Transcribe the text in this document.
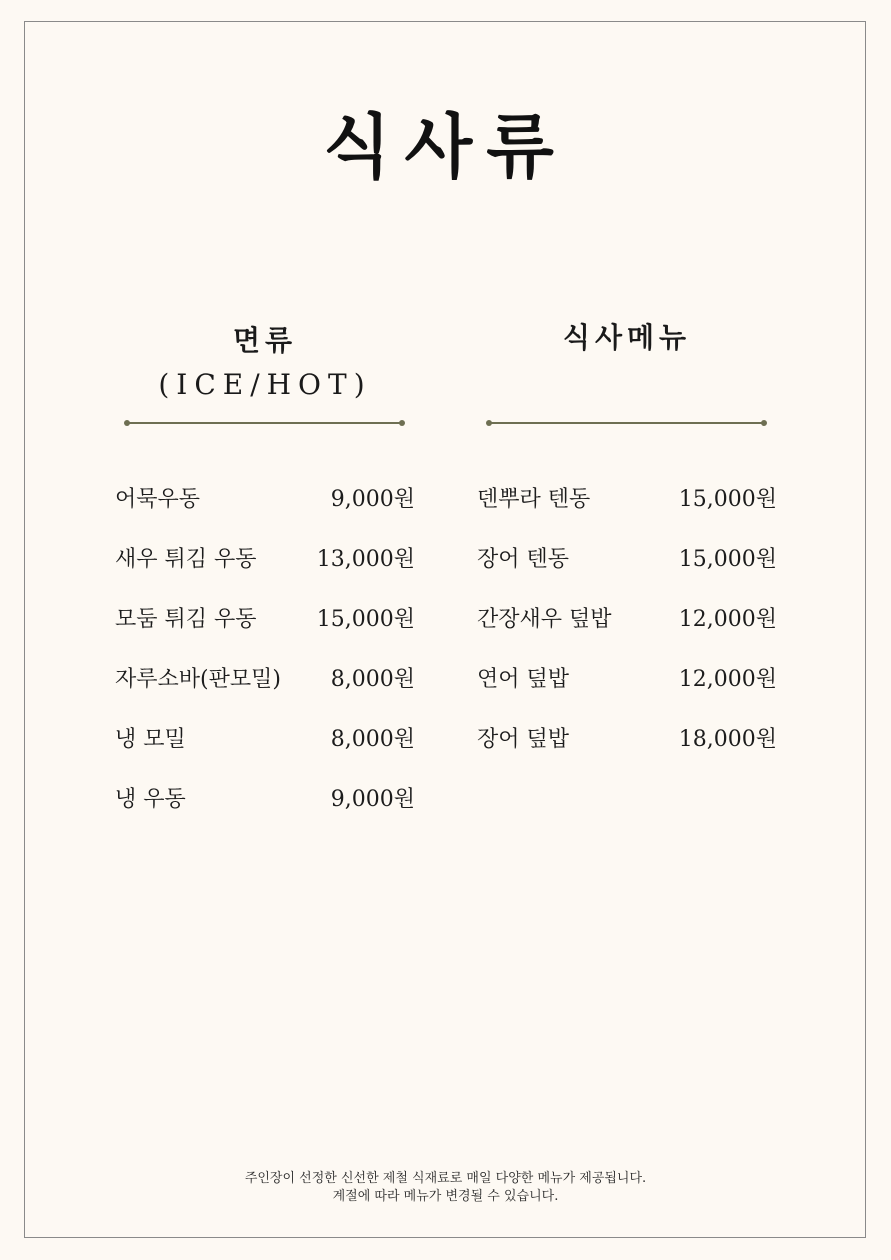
식사류
면류
(ICE/HOT)
식사메뉴
어묵우동	9,000원
새우 튀김 우동	13,000원
모둠 튀김 우동	15,000원
자루소바(판모밀) 8,000원
냉 모밀	8,000원
냉 우동	9,000원
덴뿌라 텐동	15,000원
장어 텐동	15,000원
간장새우 덮밥	12,000원
연어 덮밥	12,000원
장어 덮밥	18,000원
주인장이 선정한 신선한 제철 식재료로 매일 다양한 메뉴가 제공됩니다.
계절에 따라 메뉴가 변경될 수 있습니다.
